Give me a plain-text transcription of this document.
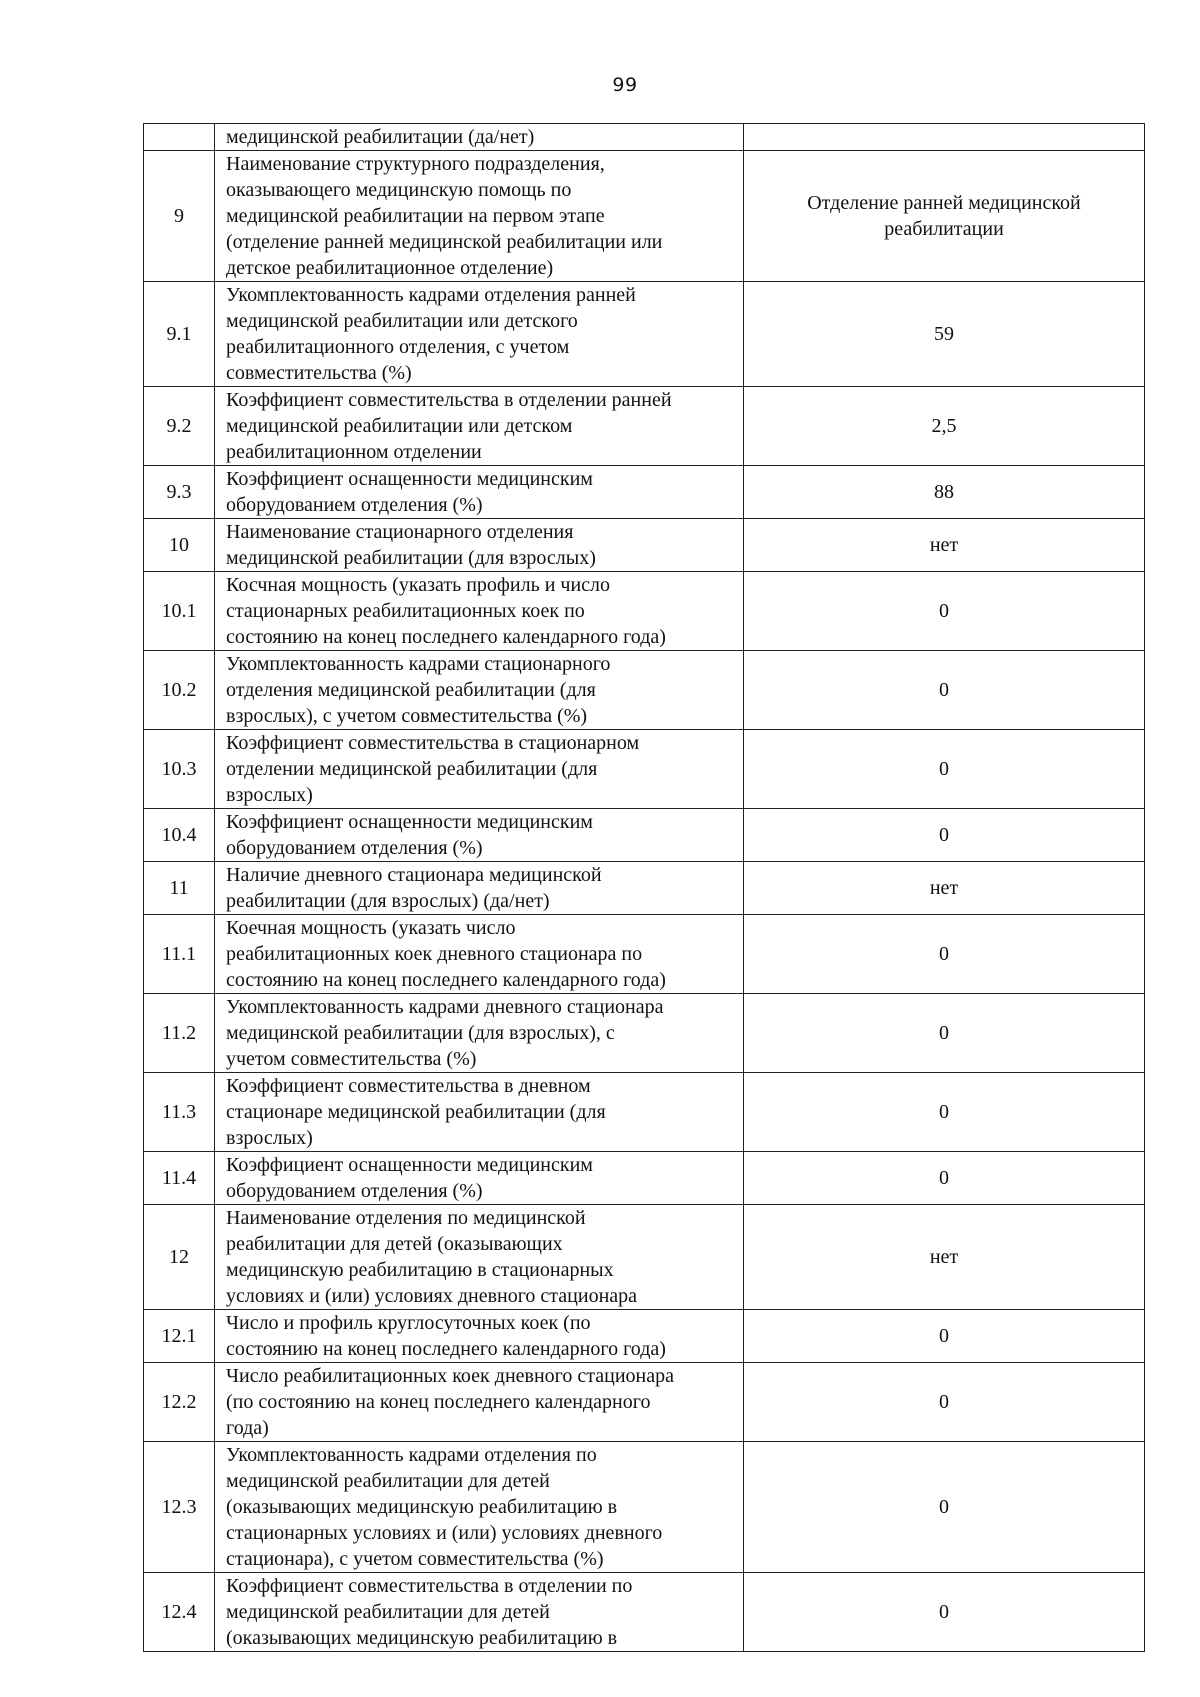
99
	медицинской реабилитации (да/нет)	
9	Наименование структурного подразделения,
оказывающего медицинскую помощь по
медицинской реабилитации на первом этапе
(отделение ранней медицинской реабилитации или
детское реабилитационное отделение)	Отделение ранней медицинской
реабилитации
9.1	Укомплектованность кадрами отделения ранней
медицинской реабилитации или детского
реабилитационного отделения, с учетом
совместительства (%)	59
9.2	Коэффициент совместительства в отделении ранней
медицинской реабилитации или детском
реабилитационном отделении	2,5
9.3	Коэффициент оснащенности медицинским
оборудованием отделения (%)	88
10	Наименование стационарного отделения
медицинской реабилитации (для взрослых)	нет
10.1	Косчная мощность (указать профиль и число
стационарных реабилитационных коек по
состоянию на конец последнего календарного года)	0
10.2	Укомплектованность кадрами стационарного
отделения медицинской реабилитации (для
взрослых), с учетом совместительства (%)	0
10.3	Коэффициент совместительства в стационарном
отделении медицинской реабилитации (для
взрослых)	0
10.4	Коэффициент оснащенности медицинским
оборудованием отделения (%)	0
11	Наличие дневного стационара медицинской
реабилитации (для взрослых) (да/нет)	нет
11.1	Коечная мощность (указать число
реабилитационных коек дневного стационара по
состоянию на конец последнего календарного года)	0
11.2	Укомплектованность кадрами дневного стационара
медицинской реабилитации (для взрослых), с
учетом совместительства (%)	0
11.3	Коэффициент совместительства в дневном
стационаре медицинской реабилитации (для
взрослых)	0
11.4	Коэффициент оснащенности медицинским
оборудованием отделения (%)	0
12	Наименование отделения по медицинской
реабилитации для детей (оказывающих
медицинскую реабилитацию в стационарных
условиях и (или) условиях дневного стационара	нет
12.1	Число и профиль круглосуточных коек (по
состоянию на конец последнего календарного года)	0
12.2	Число реабилитационных коек дневного стационара
(по состоянию на конец последнего календарного
года)	0
12.3	Укомплектованность кадрами отделения по
медицинской реабилитации для детей
(оказывающих медицинскую реабилитацию в
стационарных условиях и (или) условиях дневного
стационара), с учетом совместительства (%)	0
12.4	Коэффициент совместительства в отделении по
медицинской реабилитации для детей
(оказывающих медицинскую реабилитацию в	0
